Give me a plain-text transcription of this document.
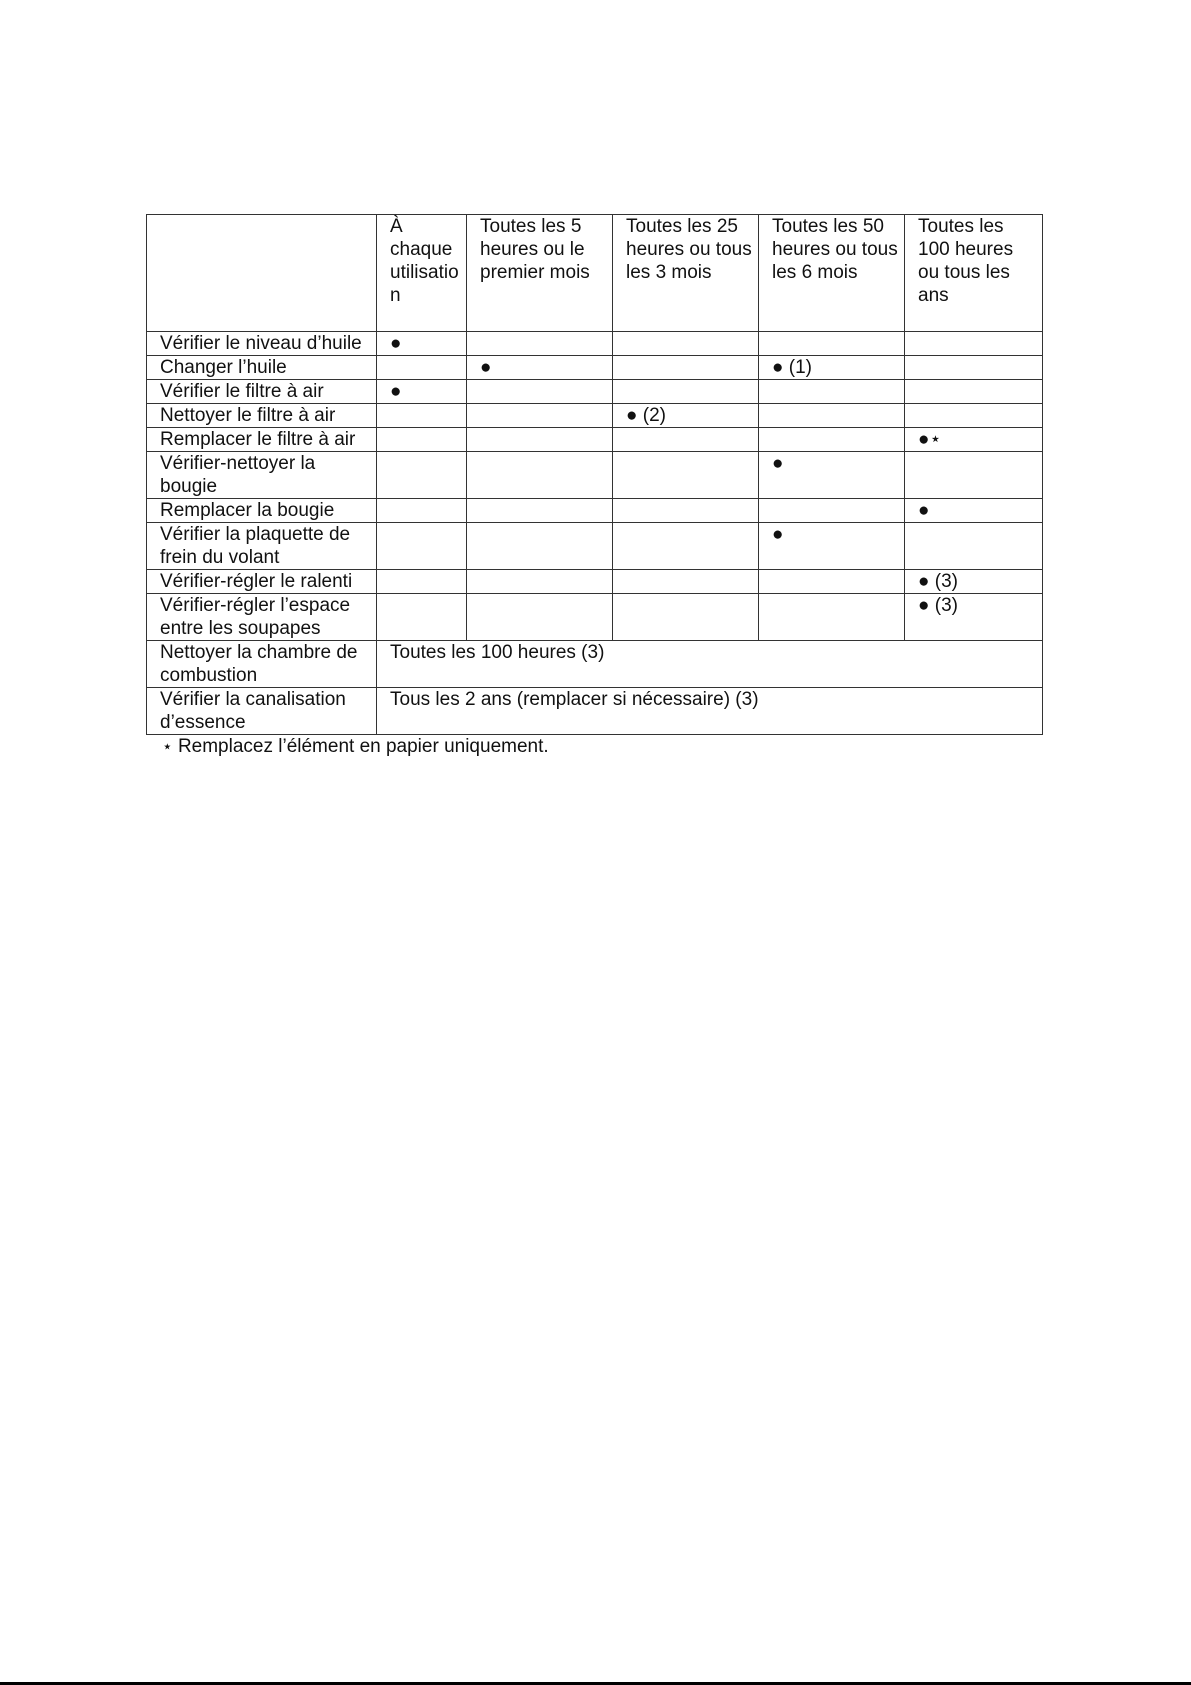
	À chaque utilisation	Toutes les 5 heures ou le premier mois	Toutes les 25 heures ou tous les 3 mois	Toutes les 50 heures ou tous les 6 mois	Toutes les 100 heures ou tous les ans
Vérifier le niveau d’huile	●				
Changer l’huile		●		● (1)	
Vérifier le filtre à air	●				
Nettoyer le filtre à air			● (2)		
Remplacer le filtre à air					●⋆
Vérifier-nettoyer la bougie				●	
Remplacer la bougie					●
Vérifier la plaquette de frein du volant				●	
Vérifier-régler le ralenti					● (3)
Vérifier-régler l’espace entre les soupapes					● (3)
Nettoyer la chambre de combustion	Toutes les 100 heures (3)				
Vérifier la canalisation d’essence	Tous les 2 ans (remplacer si nécessaire) (3)				
⋆ Remplacez l’élément en papier uniquement.
